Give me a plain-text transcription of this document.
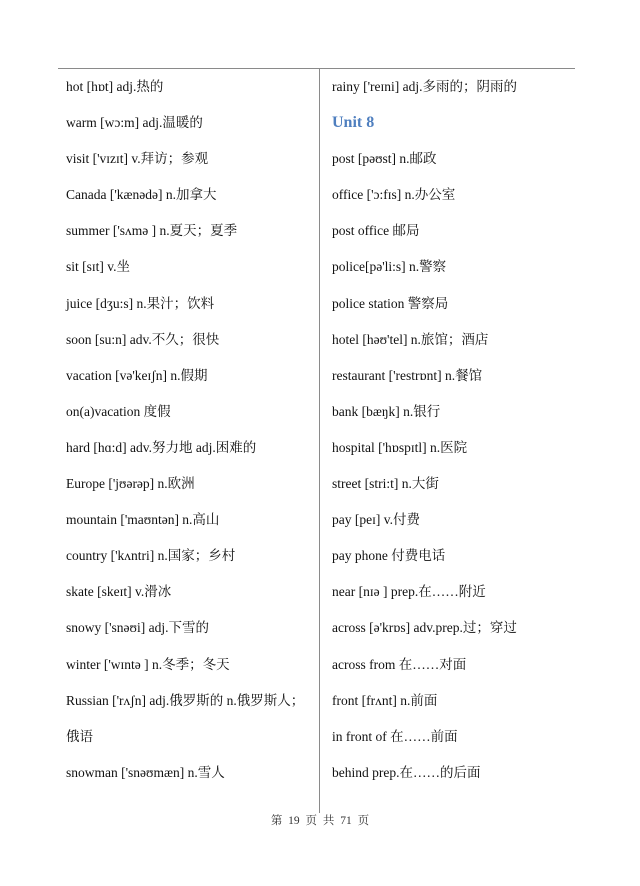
hot [hɒt] adj.热的
warm [wɔ:m] adj.温暖的
visit ['vɪzɪt] v.拜访；参观
Canada ['kænədə] n.加拿大
summer ['sʌmə ] n.夏天；夏季
sit [sɪt] v.坐
juice [dʒu:s] n.果汁；饮料
soon [su:n] adv.不久；很快
vacation [və'keɪʃn] n.假期
on(a)vacation 度假
hard [hɑ:d] adv.努力地 adj.困难的
Europe ['jʊərəp] n.欧洲
mountain ['maʊntən] n.高山
country ['kʌntri] n.国家；乡村
skate [skeɪt] v.滑冰
snowy ['snəʊi] adj.下雪的
winter ['wɪntə ] n.冬季；冬天
Russian ['rʌʃn] adj.俄罗斯的 n.俄罗斯人；
俄语
snowman ['snəʊmæn] n.雪人
rainy ['reɪni] adj.多雨的；阴雨的
Unit 8
post [pəʊst] n.邮政
office ['ɔ:fɪs] n.办公室
post office 邮局
police[pə'li:s] n.警察
police station 警察局
hotel [həʊ'tel] n.旅馆；酒店
restaurant ['restrɒnt] n.餐馆
bank [bæŋk] n.银行
hospital ['hɒspɪtl] n.医院
street [stri:t] n.大街
pay [peɪ] v.付费
pay phone 付费电话
near [nɪə ] prep.在……附近
across [ə'krɒs] adv.prep.过；穿过
across from 在……对面
front [frʌnt] n.前面
in front of 在……前面
behind prep.在……的后面
第 19 页 共 71 页
